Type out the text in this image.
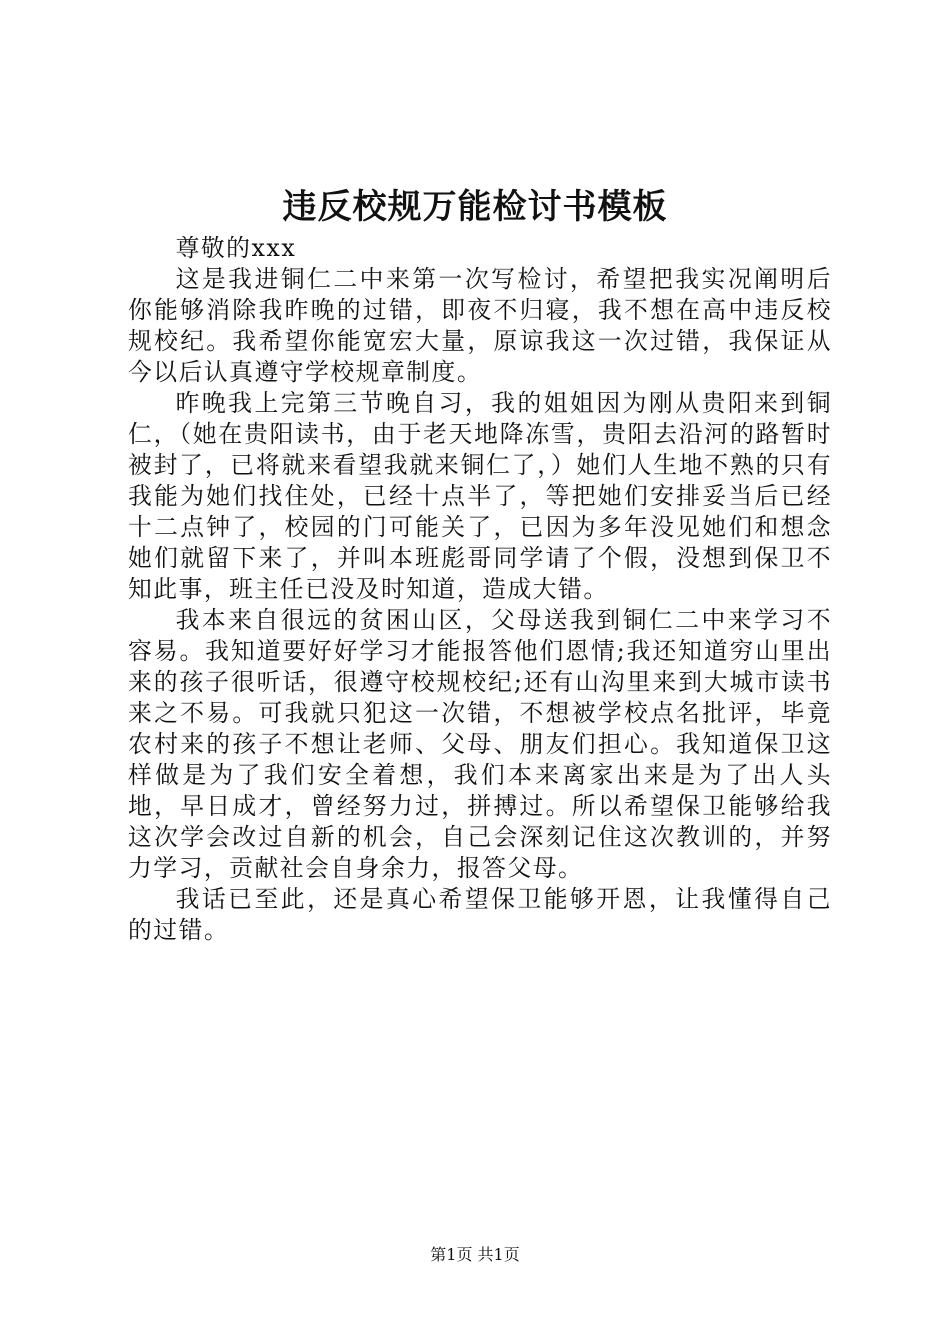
违反校规万能检讨书模板

尊敬的xxx

这是我进铜仁二中来第一次写检讨，希望把我实况阐明后你能够消除我昨晚的过错，即夜不归寝，我不想在高中违反校规校纪。我希望你能宽宏大量，原谅我这一次过错，我保证从今以后认真遵守学校规章制度。

昨晚我上完第三节晚自习，我的姐姐因为刚从贵阳来到铜仁，（她在贵阳读书，由于老天地降冻雪，贵阳去沿河的路暂时被封了，已将就来看望我就来铜仁了，）她们人生地不熟的只有我能为她们找住处，已经十点半了，等把她们安排妥当后已经十二点钟了，校园的门可能关了，已因为多年没见她们和想念她们就留下来了，并叫本班彪哥同学请了个假，没想到保卫不知此事，班主任已没及时知道，造成大错。

我本来自很远的贫困山区，父母送我到铜仁二中来学习不容易。我知道要好好学习才能报答他们恩情;我还知道穷山里出来的孩子很听话，很遵守校规校纪;还有山沟里来到大城市读书来之不易。可我就只犯这一次错，不想被学校点名批评，毕竟农村来的孩子不想让老师、父母、朋友们担心。我知道保卫这样做是为了我们安全着想，我们本来离家出来是为了出人头地，早日成才，曾经努力过，拼搏过。所以希望保卫能够给我这次学会改过自新的机会，自己会深刻记住这次教训的，并努力学习，贡献社会自身余力，报答父母。

我话已至此，还是真心希望保卫能够开恩，让我懂得自己的过错。

第1页 共1页
